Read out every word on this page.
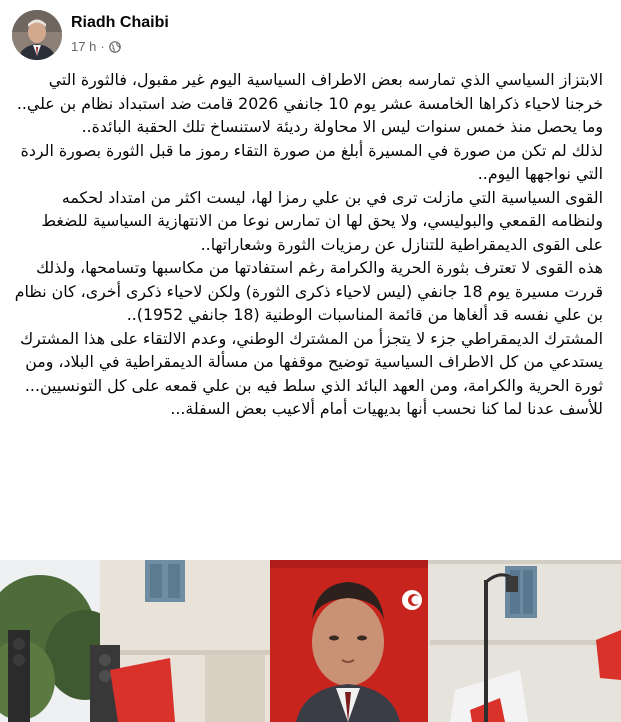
Riadh Chaibi
17 h ·

الابتزاز السياسي الذي تمارسه بعض الاطراف السياسية اليوم غير مقبول، فالثورة التي خرجنا لاحياء ذكراها الخامسة عشر يوم 10 جانفي 2026 قامت ضد استبداد نظام بن علي..

وما يحصل منذ خمس سنوات ليس الا محاولة رديئة لاستنساخ تلك الحقبة البائدة..

لذلك لم تكن من صورة في المسيرة أبلغ من صورة التقاء رموز ما قبل الثورة بصورة الردة التي نواجهها اليوم..

القوى السياسية التي مازلت ترى في بن علي رمزا لها، ليست اكثر من امتداد لحكمه ولنظامه القمعي والبوليسي، ولا يحق لها ان تمارس نوعا من الانتهازية السياسية للضغط على القوى الديمقراطية للتنازل عن رمزيات الثورة وشعاراتها..

هذه القوى لا تعترف بثورة الحرية والكرامة رغم استفادتها من مكاسبها وتسامحها، ولذلك قررت مسيرة يوم 18 جانفي (ليس لاحياء ذكرى الثورة) ولكن لاحياء ذكرى أخرى، كان نظام بن علي نفسه قد ألغاها من قائمة المناسبات الوطنية (18 جانفي 1952)..

المشترك الديمقراطي جزء لا يتجزأ من المشترك الوطني، وعدم الالتقاء على هذا المشترك يستدعي من كل الاطراف السياسية توضيح موقفها من مسألة الديمقراطية في البلاد، ومن ثورة الحرية والكرامة، ومن العهد البائد الذي سلط فيه بن علي قمعه على كل التونسيين...

للأسف عدنا لما كنا نحسب أنها بديهيات أمام ألاعيب بعض السفلة...
